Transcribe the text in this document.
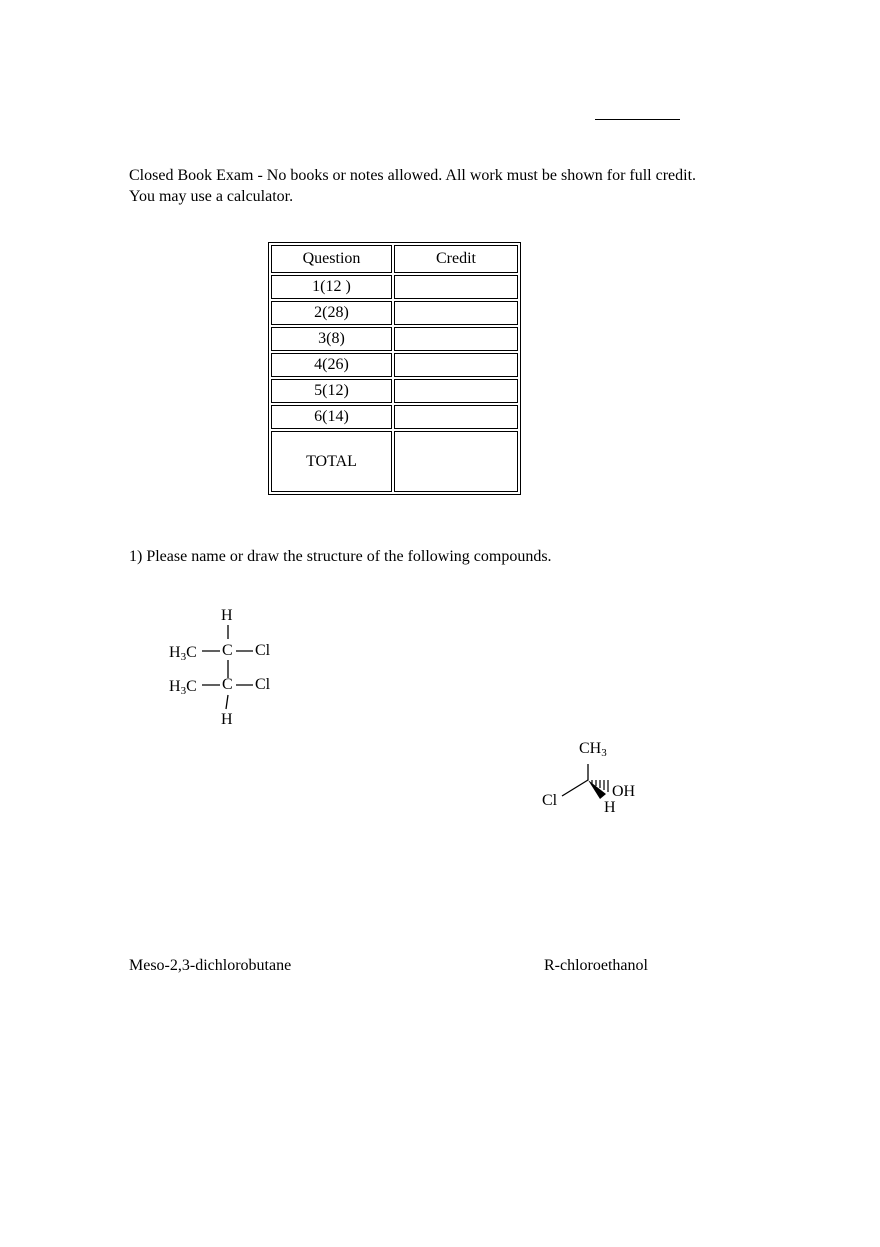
Closed Book Exam - No books or notes allowed. All work must be shown for full credit.
You may use a calculator.
Question	Credit
1(12 )	
2(28)	
3(8)	
4(26)	
5(12)	
6(14)	
TOTAL	
1) Please name or draw the structure of the following compounds.
H
$H_3C$ C Cl
$H_3C$ C Cl
H
$CH_3$
Cl
OH
H
Meso-2,3-dichlorobutane	R-chloroethanol
